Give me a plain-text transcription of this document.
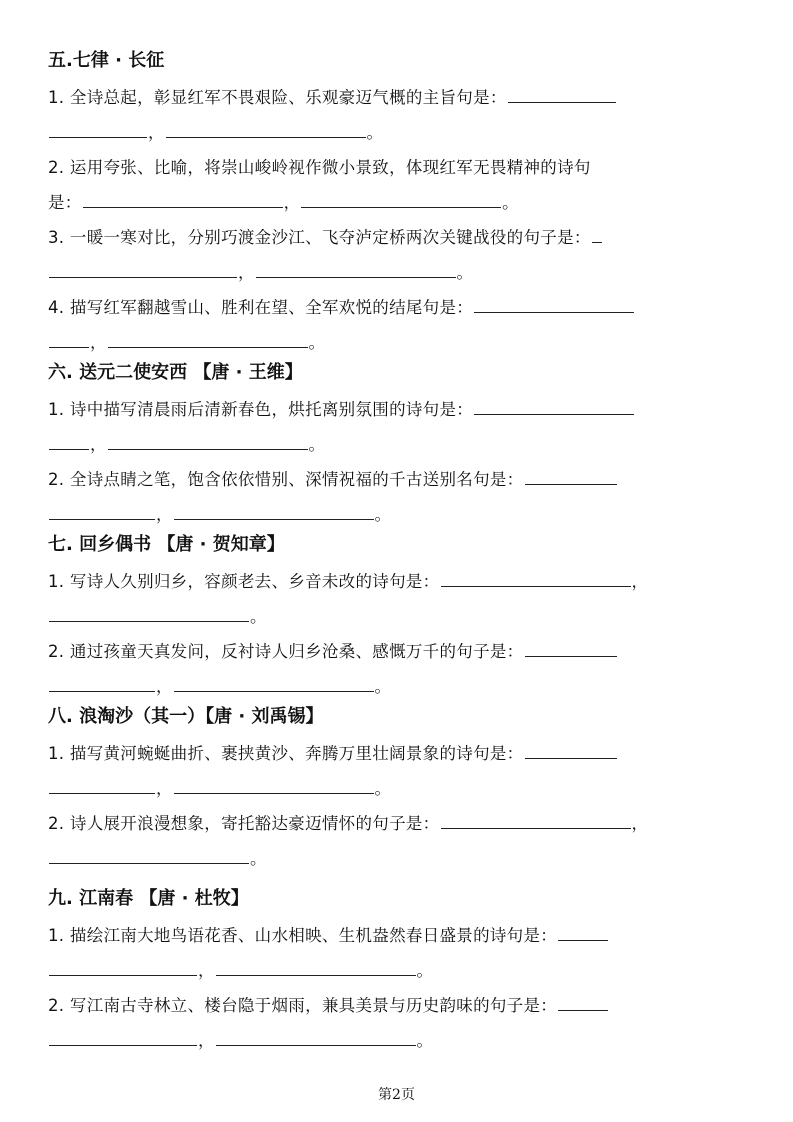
五.七律 · 长征
1. 全诗总起，彰显红军不畏艰险、乐观豪迈气概的主旨句是：
，	。
2. 运用夸张、比喻，将崇山峻岭视作微小景致，体现红军无畏精神的诗句
是：	，	。
3. 一暖一寒对比，分别巧渡金沙江、飞夺泸定桥两次关键战役的句子是：
，	。
4. 描写红军翻越雪山、胜利在望、全军欢悦的结尾句是：
，	。
六. 送元二使安西 【唐 · 王维】
1. 诗中描写清晨雨后清新春色，烘托离别氛围的诗句是：
，	。
2. 全诗点睛之笔，饱含依依惜别、深情祝福的千古送别名句是：
，	。
七. 回乡偶书 【唐 · 贺知章】
1. 写诗人久别归乡，容颜老去、乡音未改的诗句是：	，
。
2. 通过孩童天真发问，反衬诗人归乡沧桑、感慨万千的句子是：
，	。
八. 浪淘沙（其一）【唐 · 刘禹锡】
1. 描写黄河蜿蜒曲折、裹挟黄沙、奔腾万里壮阔景象的诗句是：
，	。
2. 诗人展开浪漫想象，寄托豁达豪迈情怀的句子是：	，
。
九. 江南春 【唐 · 杜牧】
1. 描绘江南大地鸟语花香、山水相映、生机盎然春日盛景的诗句是：
，	。
2. 写江南古寺林立、楼台隐于烟雨，兼具美景与历史韵味的句子是：
，	。
第2页
